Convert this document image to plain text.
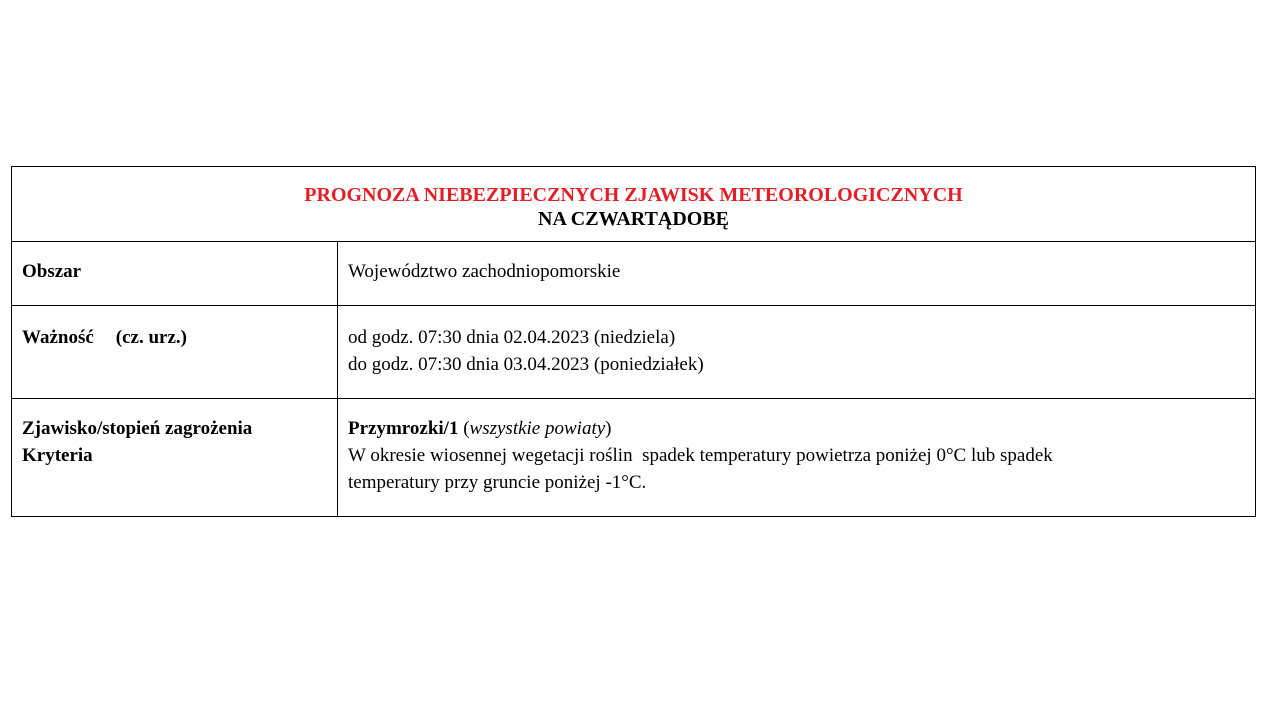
PROGNOZA NIEBEZPIECZNYCH ZJAWISK METEOROLOGICZNYCH
NA CZWARTĄDOBĘ	

Obszar	Województwo zachodniopomorskie
Ważność (cz. urz.)	od godz. 07:30 dnia 02.04.2023 (niedziela)
do godz. 07:30 dnia 03.04.2023 (poniedziałek)

Zjawisko/stopień zagrożenia
Kryteria	Przymrozki/1 (wszystkie powiaty)
W okresie wiosennej wegetacji roślin  spadek temperatury powietrza poniżej 0°C lub spadek
temperatury przy gruncie poniżej -1°C.
